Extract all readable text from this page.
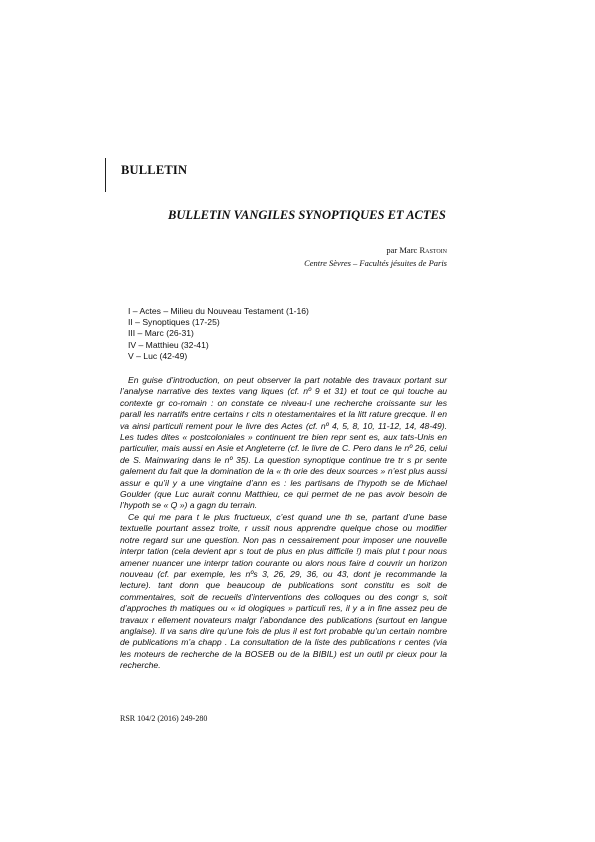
BULLETIN
BULLETIN VANGILES SYNOPTIQUES ET ACTES
par Marc Rastoin
Centre Sèvres – Facultés jésuites de Paris
I – Actes – Milieu du Nouveau Testament (1-16)
II – Synoptiques (17-25)
III – Marc (26-31)
IV – Matthieu (32-41)
V – Luc (42-49)

En guise d’introduction, on peut observer la part notable des travaux portant sur l’analyse narrative des textes vang liques (cf. nº 9 et 31) et tout ce qui touche au contexte gr co-romain : on constate ce niveau-l une recherche croissante sur les parall les narratifs entre certains r cits n otestamentaires et la litt rature grecque. Il en va ainsi particuli rement pour le livre des Actes (cf. nº 4, 5, 8, 10, 11-12, 14, 48-49). Les tudes dites « postcoloniales » continuent tre bien repr sent es, aux tats-Unis en particulier, mais aussi en Asie et Angleterre (cf. le livre de C. Pero dans le nº 26, celui de S. Mainwaring dans le nº 35). La question synoptique continue tre tr s pr sente galement du fait que la domination de la « th orie des deux sources » n’est plus aussi assur e qu’il y a une vingtaine d’ann es : les partisans de l’hypoth se de Michael Goulder (que Luc aurait connu Matthieu, ce qui permet de ne pas avoir besoin de l’hypoth se « Q ») a gagn du terrain.

Ce qui me para t le plus fructueux, c’est quand une th se, partant d’une base textuelle pourtant assez troite, r ussit nous apprendre quelque chose ou modifier notre regard sur une question. Non pas n cessairement pour imposer une nouvelle interpr tation (cela devient apr s tout de plus en plus difficile !) mais plut t pour nous amener nuancer une interpr tation courante ou alors nous faire d couvrir un horizon nouveau (cf. par exemple, les nºs 3, 26, 29, 36, ou 43, dont je recommande la lecture). tant donn que beaucoup de publications sont constitu es soit de commentaires, soit de recueils d’interventions des colloques ou des congr s, soit d’approches th matiques ou « id ologiques » particuli res, il y a in fine assez peu de travaux r ellement novateurs malgr l’abondance des publications (surtout en langue anglaise). Il va sans dire qu’une fois de plus il est fort probable qu’un certain nombre de publications m’a chapp . La consultation de la liste des publications r centes (via les moteurs de recherche de la BOSEB ou de la BIBIL) est un outil pr cieux pour la recherche.

RSR 104/2 (2016) 249-280
